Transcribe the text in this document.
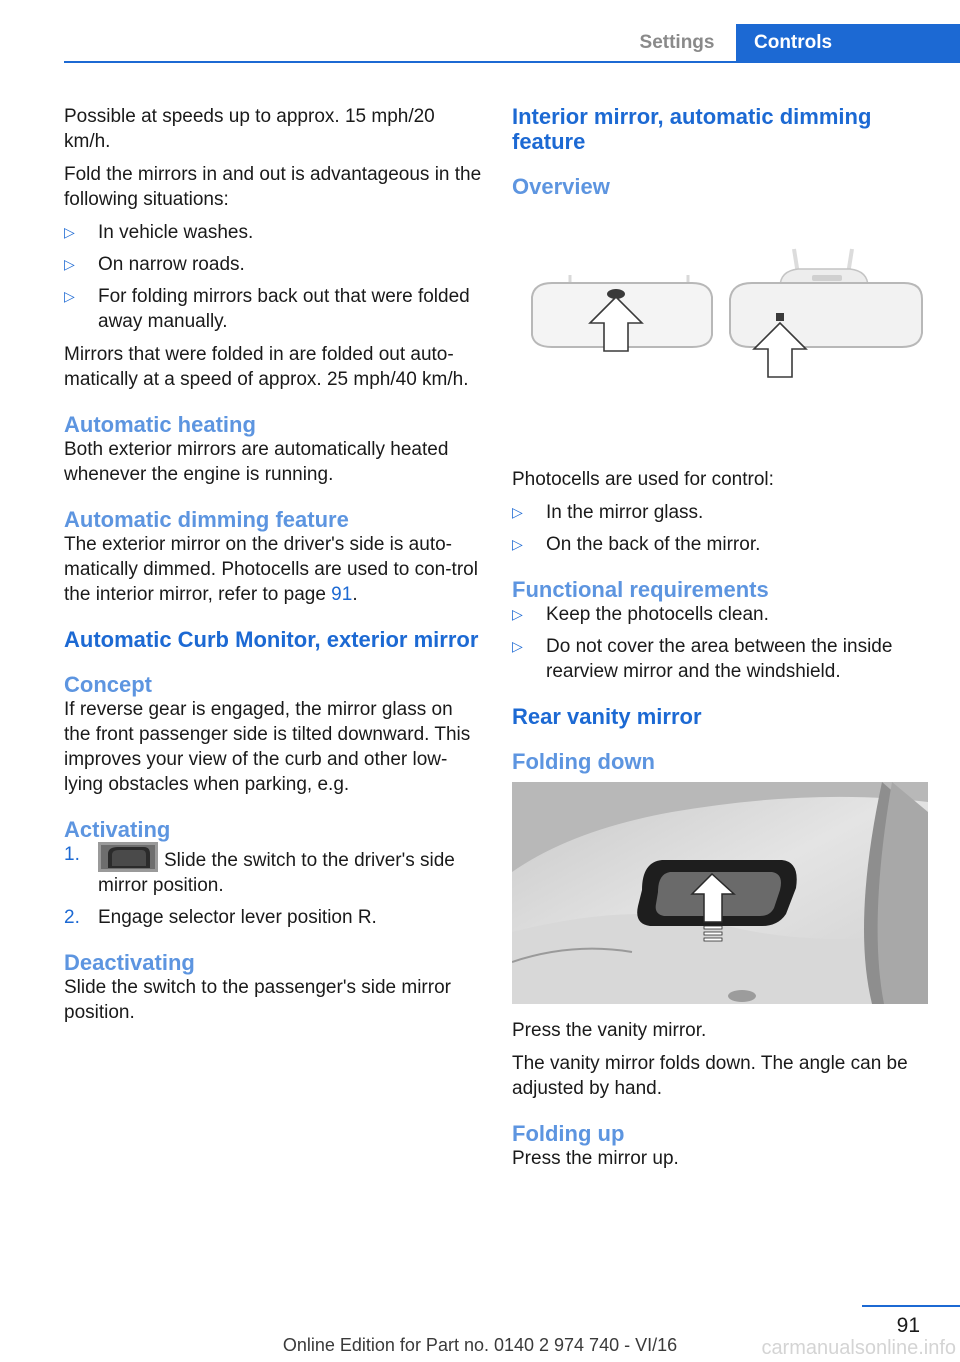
Settings	Controls

Possible at speeds up to approx. 15 mph/20 km/h.

Fold the mirrors in and out is advantageous in the following situations:

▷ In vehicle washes.
▷ On narrow roads.
▷ For folding mirrors back out that were folded away manually.

Mirrors that were folded in are folded out auto‐matically at a speed of approx. 25 mph/40 km/h.

Automatic heating

Both exterior mirrors are automatically heated whenever the engine is running.

Automatic dimming feature

The exterior mirror on the driver's side is auto‐matically dimmed. Photocells are used to con‐trol the interior mirror, refer to page 91.

Automatic Curb Monitor, exterior mirror
Concept

If reverse gear is engaged, the mirror glass on the front passenger side is tilted downward. This improves your view of the curb and other low-lying obstacles when parking, e.g.

Activating
1.	Slide the switch to the driver's side mirror position.
2. Engage selector lever position R.
Deactivating

Slide the switch to the passenger's side mirror position.

Interior mirror, automatic dimming feature
Overview

Photocells are used for control:

▷ In the mirror glass.
▷ On the back of the mirror.
Functional requirements
▷ Keep the photocells clean.
▷ Do not cover the area between the inside rearview mirror and the windshield.
Rear vanity mirror
Folding down

Press the vanity mirror.

The vanity mirror folds down. The angle can be adjusted by hand.

Folding up

Press the mirror up.

91
Online Edition for Part no. 0140 2 974 740 - VI/16	carmanualsonline.info
